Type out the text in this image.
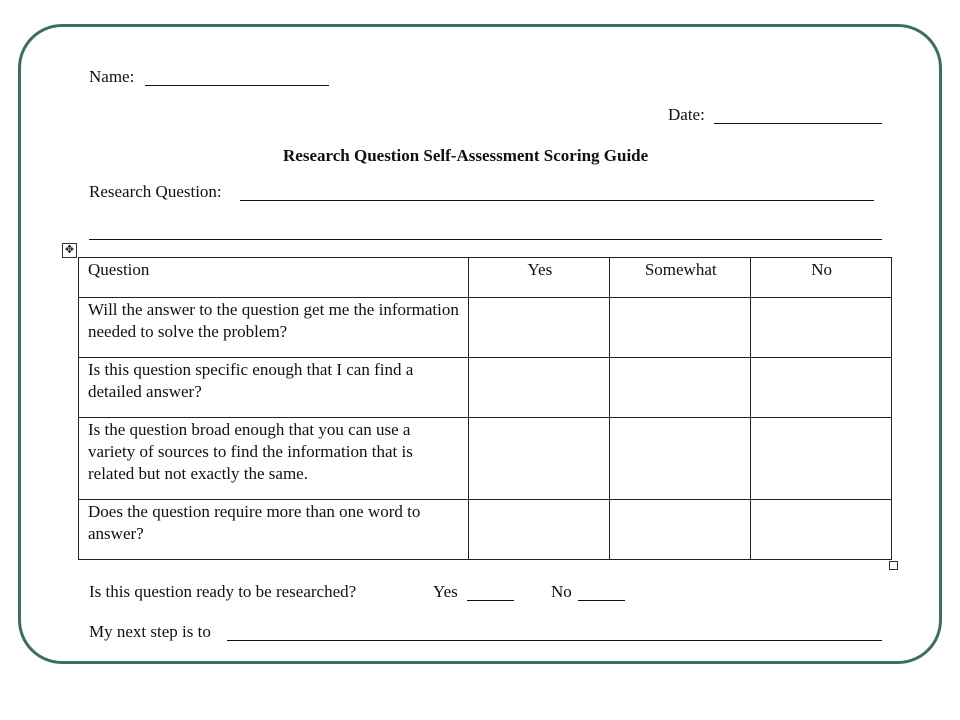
Name:
Date:
Research Question Self-Assessment Scoring Guide
Research Question:
✥
Question	Yes	Somewhat	No
Will the answer to the question get me the information needed to solve the problem?			
Is this question specific enough that I can find a detailed answer?			
Is the question broad enough that you can use a variety of sources to find the information that is related but not exactly the same.			
Does the question require more than one word to answer?			
Is this question ready to be researched?	Yes	No
My next step is to
